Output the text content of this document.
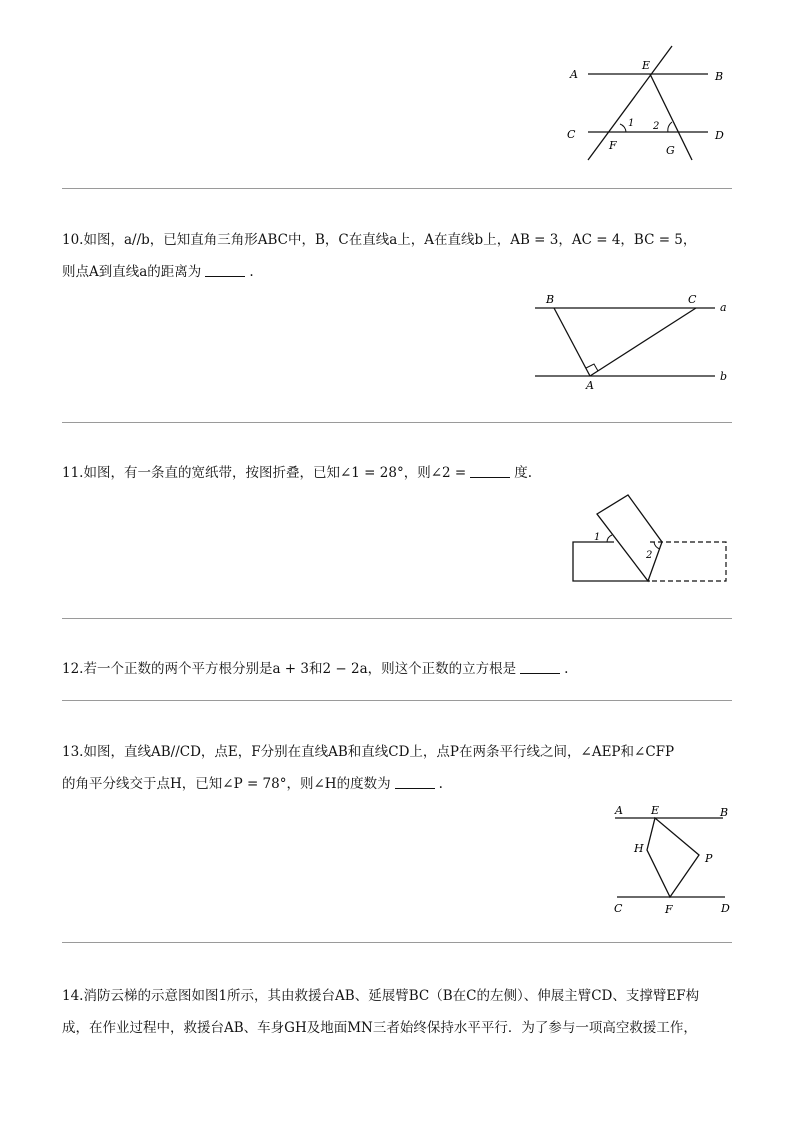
A
E
B
C
1 2
D
F	G
10.如图，a//b，已知直角三角形ABC中，B，C在直线a上，A在直线b上，AB = 3，AC = 4，BC = 5，
则点A到直线a的距离为	.
B	C
a
b
A
11.如图，有一条直的宽纸带，按图折叠，已知∠1 = 28°，则∠2 =	度.
1
2
12.若一个正数的两个平方根分别是a + 3和2 − 2a，则这个正数的立方根是	.
13.如图，直线AB//CD，点E，F分别在直线AB和直线CD上，点P在两条平行线之间，∠AEP和∠CFP
的角平分线交于点H，已知∠P = 78°，则∠H的度数为	.
A	E	B
H
P
C	F	D
14.消防云梯的示意图如图1所示，其由救援台AB、延展臂BC（B在C的左侧）、伸展主臂CD、支撑臂EF构
成，在作业过程中，救援台AB、车身GH及地面MN三者始终保持水平平行．为了参与一项高空救援工作，
